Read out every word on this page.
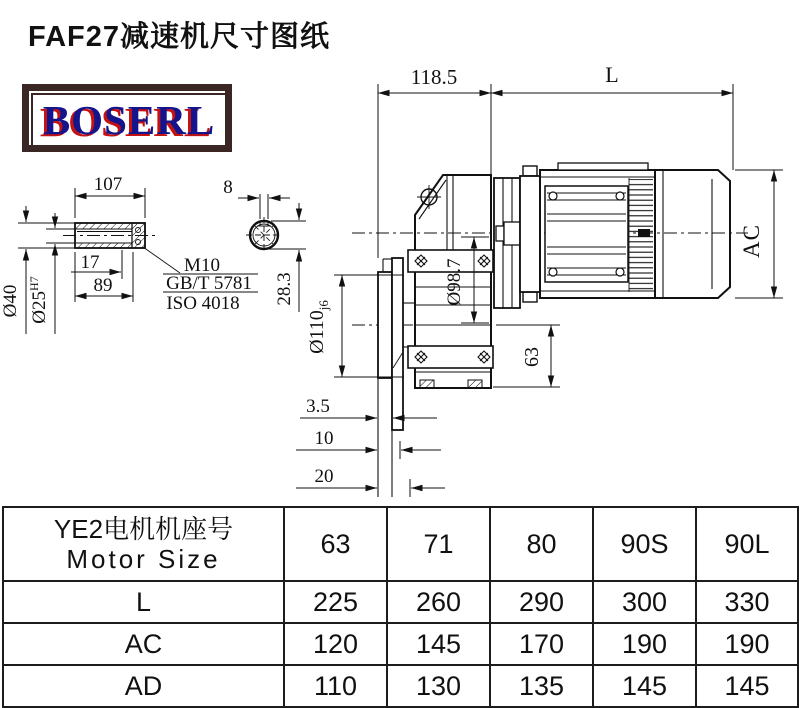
FAF27减速机尺寸图纸
BOSERL
107
17
89
Ø40 $Ø25^{H7}$
M10
GB/T 5781
ISO 4018
8
28.3
118.5	L
AC
$Ø110_{j6}$	Ø98.7
63
3.5
10
20
YE2电机机座号
Motor Size	63	71	80	90S	90L
L	225	260	290	300	330
AC	120	145	170	190	190
AD	110	130	135	145	145
